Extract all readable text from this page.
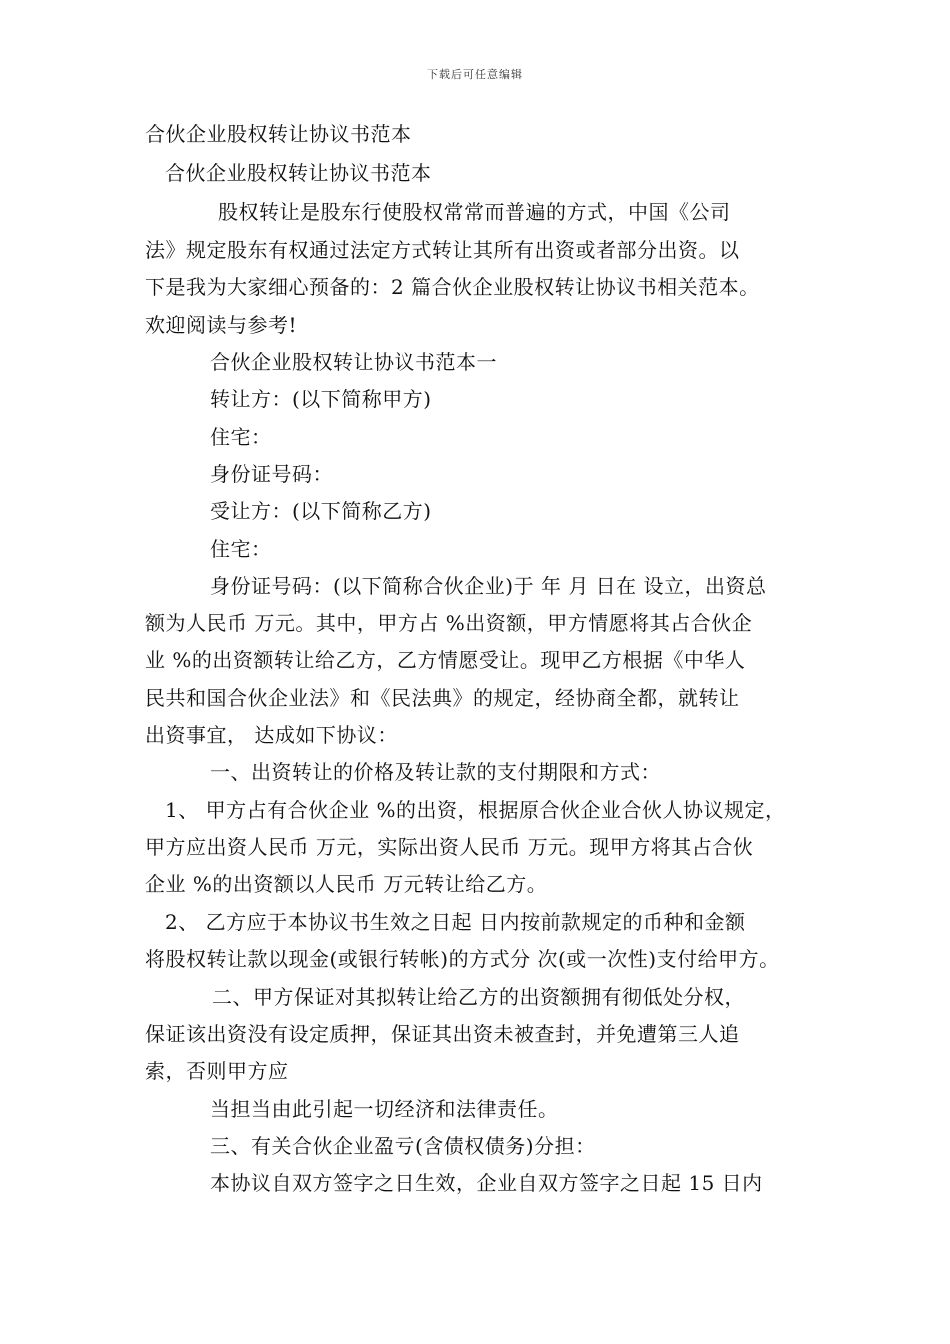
下载后可任意编辑
合伙企业股权转让协议书范本
合伙企业股权转让协议书范本
股权转让是股东行使股权常常而普遍的方式，中国《公司
法》规定股东有权通过法定方式转让其所有出资或者部分出资。以
下是我为大家细心预备的：2 篇合伙企业股权转让协议书相关范本。
欢迎阅读与参考!
合伙企业股权转让协议书范本一
转让方：(以下简称甲方)
住宅：
身份证号码：
受让方：(以下简称乙方)
住宅：
身份证号码：(以下简称合伙企业)于 年 月 日在 设立，出资总
额为人民币 万元。其中，甲方占 %出资额，甲方情愿将其占合伙企
业 %的出资额转让给乙方，乙方情愿受让。现甲乙方根据《中华人
民共和国合伙企业法》和《民法典》的规定，经协商全都，就转让
出资事宜， 达成如下协议：
一、出资转让的价格及转让款的支付期限和方式：
1、 甲方占有合伙企业 %的出资，根据原合伙企业合伙人协议规定，
甲方应出资人民币 万元，实际出资人民币 万元。现甲方将其占合伙
企业 %的出资额以人民币 万元转让给乙方。
2、 乙方应于本协议书生效之日起 日内按前款规定的币种和金额
将股权转让款以现金(或银行转帐)的方式分 次(或一次性)支付给甲方。
二、甲方保证对其拟转让给乙方的出资额拥有彻低处分权，
保证该出资没有设定质押，保证其出资未被查封，并免遭第三人追
索，否则甲方应
当担当由此引起一切经济和法律责任。
三、有关合伙企业盈亏(含债权债务)分担：
本协议自双方签字之日生效，企业自双方签字之日起 15 日内
